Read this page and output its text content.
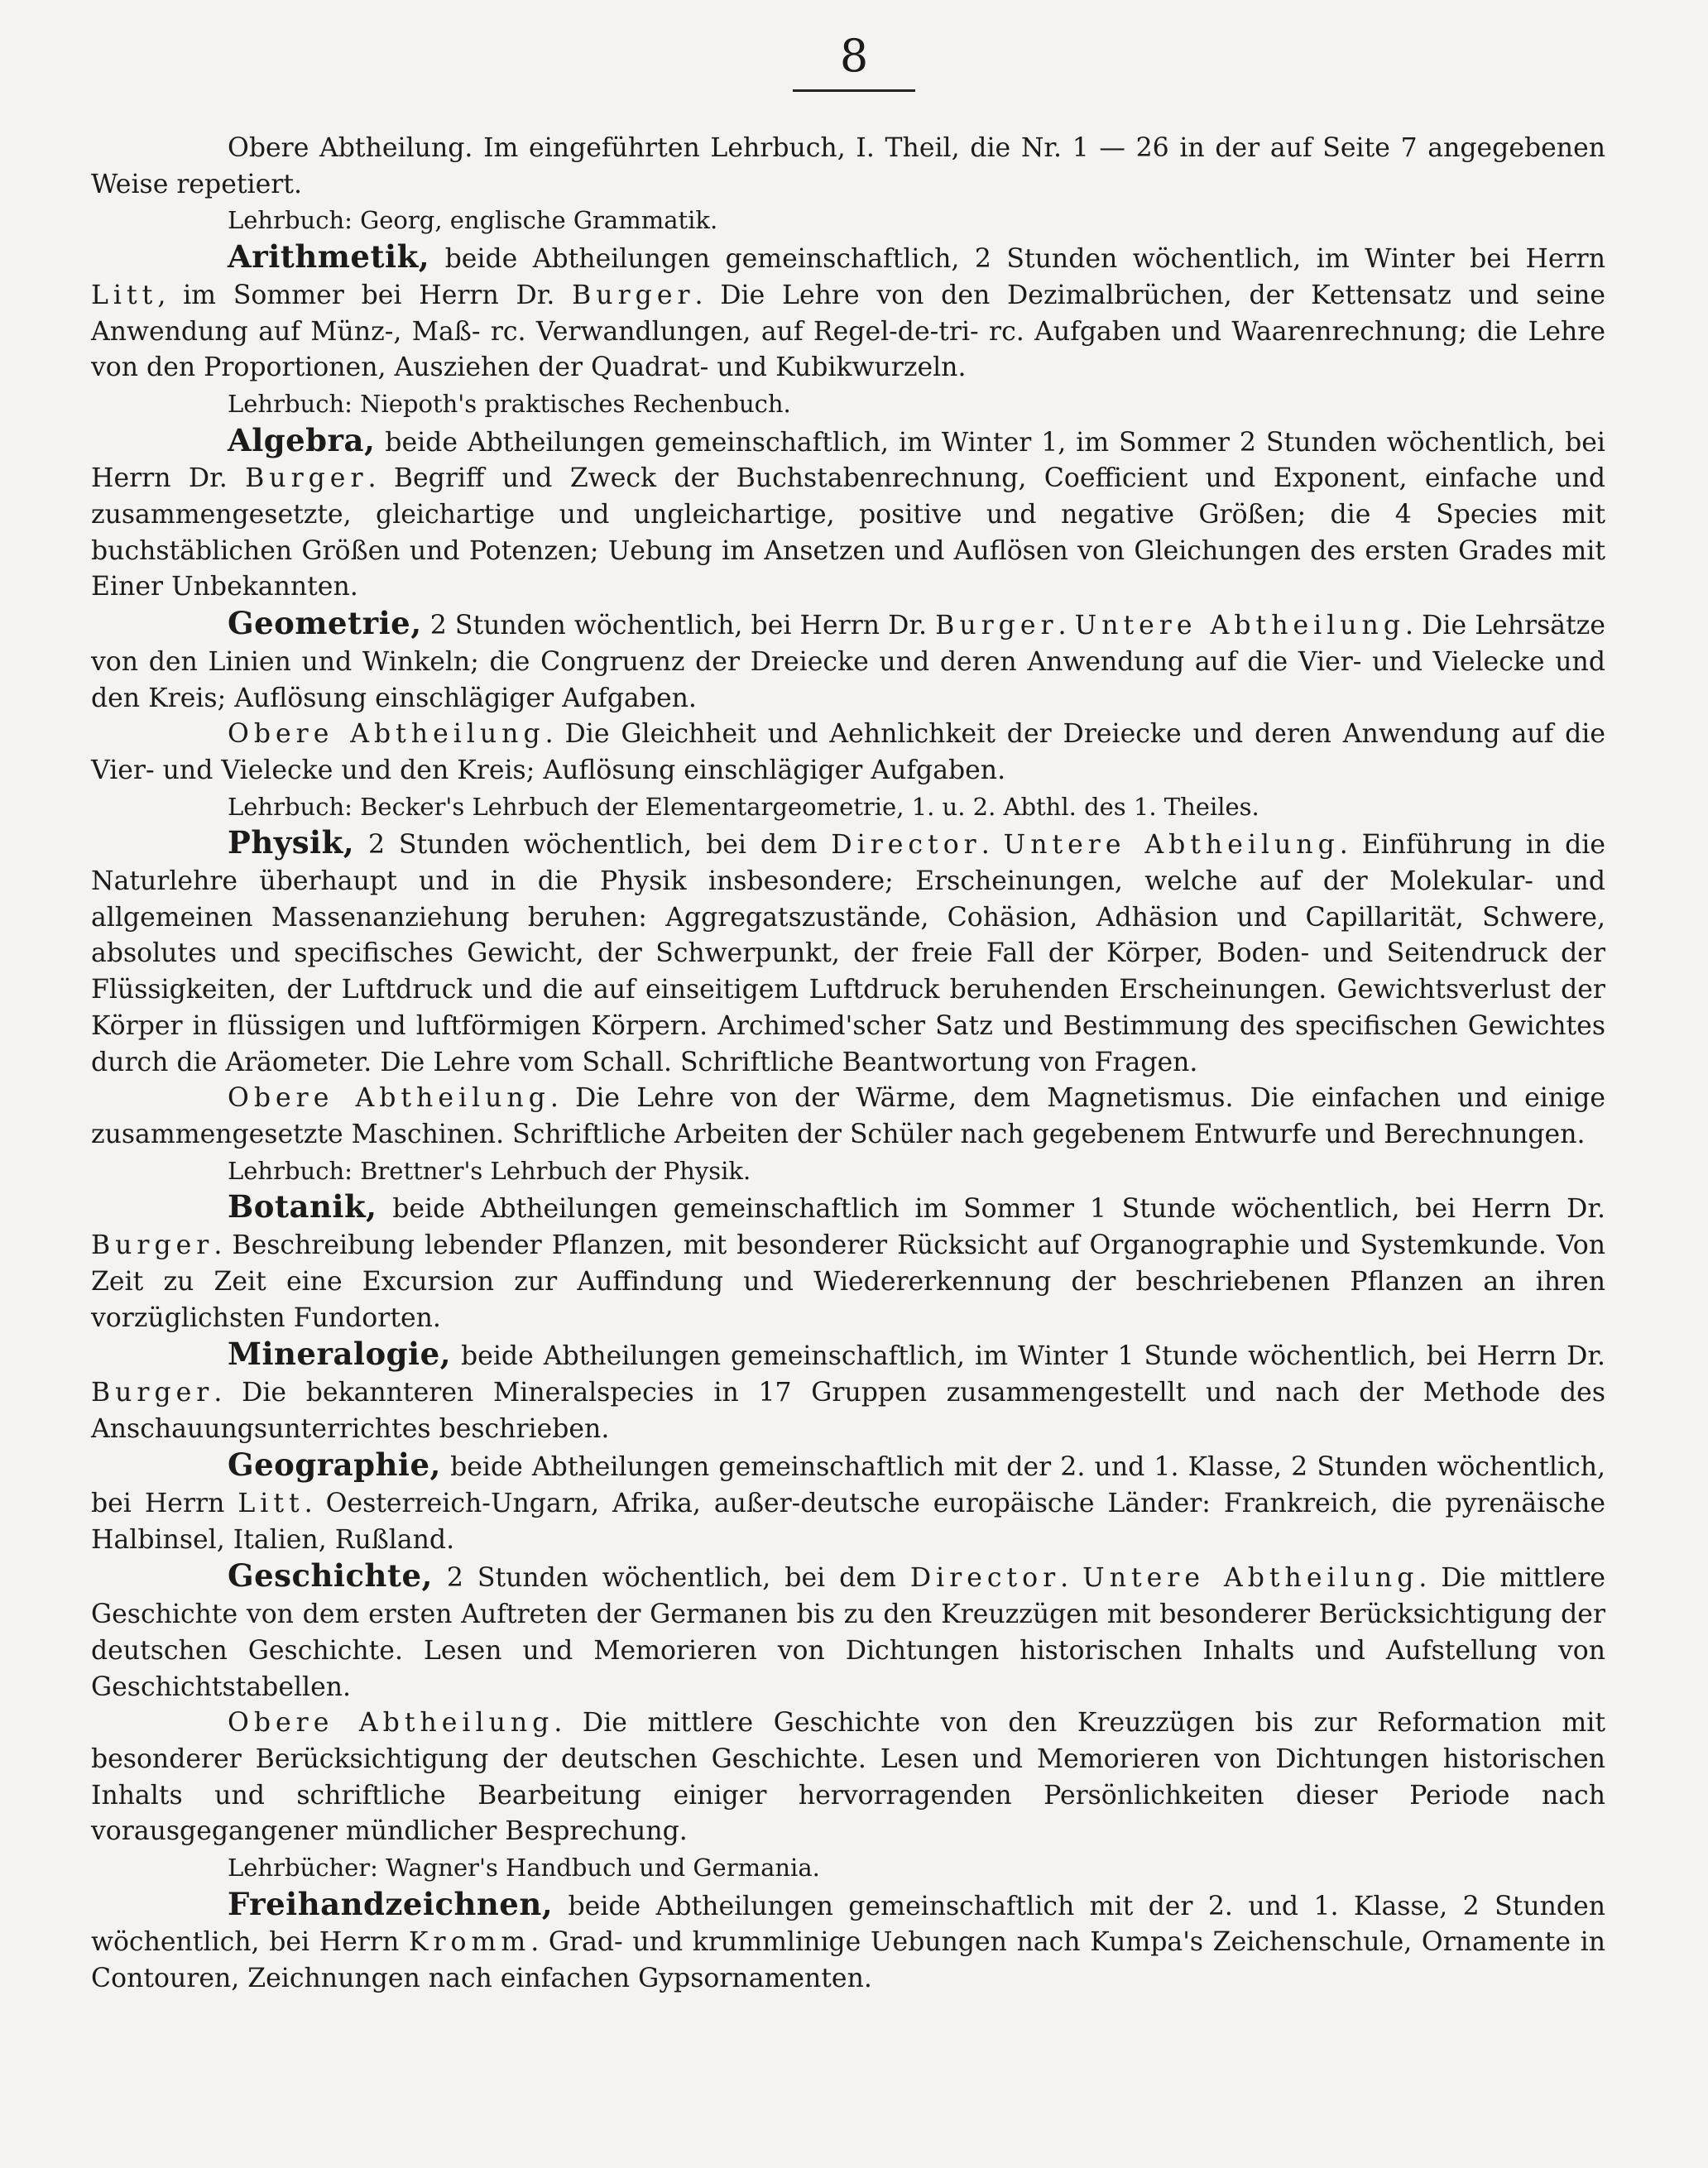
8

Obere Abtheilung. Im eingeführten Lehrbuch, I. Theil, die Nr. 1 — 26 in der auf Seite 7 angegebenen Weise repetiert.

Lehrbuch: Georg, englische Grammatik.

Arithmetik, beide Abtheilungen gemeinschaftlich, 2 Stunden wöchentlich, im Winter bei Herrn Litt, im Sommer bei Herrn Dr. Burger. Die Lehre von den Dezimalbrüchen, der Kettensatz und seine Anwendung auf Münz-, Maß- rc. Verwandlungen, auf Regel-de-tri- rc. Aufgaben und Waarenrechnung; die Lehre von den Proportionen, Ausziehen der Quadrat- und Kubikwurzeln.

Lehrbuch: Niepoth's praktisches Rechenbuch.

Algebra, beide Abtheilungen gemeinschaftlich, im Winter 1, im Sommer 2 Stunden wöchentlich, bei Herrn Dr. Burger. Begriff und Zweck der Buchstabenrechnung, Coefficient und Exponent, einfache und zusammengesetzte, gleichartige und ungleichartige, positive und negative Größen; die 4 Species mit buchstäblichen Größen und Potenzen; Uebung im Ansetzen und Auflösen von Gleichungen des ersten Grades mit Einer Unbekannten.

Geometrie, 2 Stunden wöchentlich, bei Herrn Dr. Burger. Untere Abtheilung. Die Lehrsätze von den Linien und Winkeln; die Congruenz der Dreiecke und deren Anwendung auf die Vier- und Vielecke und den Kreis; Auflösung einschlägiger Aufgaben.

Obere Abtheilung. Die Gleichheit und Aehnlichkeit der Dreiecke und deren Anwendung auf die Vier- und Vielecke und den Kreis; Auflösung einschlägiger Aufgaben.

Lehrbuch: Becker's Lehrbuch der Elementargeometrie, 1. u. 2. Abthl. des 1. Theiles.

Physik, 2 Stunden wöchentlich, bei dem Director. Untere Abtheilung. Einführung in die Naturlehre überhaupt und in die Physik insbesondere; Erscheinungen, welche auf der Molekular- und allgemeinen Massenanziehung beruhen: Aggregatszustände, Cohäsion, Adhäsion und Capillarität, Schwere, absolutes und specifisches Gewicht, der Schwerpunkt, der freie Fall der Körper, Boden- und Seitendruck der Flüssigkeiten, der Luftdruck und die auf einseitigem Luftdruck beruhenden Erscheinungen. Gewichtsverlust der Körper in flüssigen und luftförmigen Körpern. Archimed'scher Satz und Bestimmung des specifischen Gewichtes durch die Aräometer. Die Lehre vom Schall. Schriftliche Beantwortung von Fragen.

Obere Abtheilung. Die Lehre von der Wärme, dem Magnetismus. Die einfachen und einige zusammengesetzte Maschinen. Schriftliche Arbeiten der Schüler nach gegebenem Entwurfe und Berechnungen.

Lehrbuch: Brettner's Lehrbuch der Physik.

Botanik, beide Abtheilungen gemeinschaftlich im Sommer 1 Stunde wöchentlich, bei Herrn Dr. Burger. Beschreibung lebender Pflanzen, mit besonderer Rücksicht auf Organographie und Systemkunde. Von Zeit zu Zeit eine Excursion zur Auffindung und Wiedererkennung der beschriebenen Pflanzen an ihren vorzüglichsten Fundorten.

Mineralogie, beide Abtheilungen gemeinschaftlich, im Winter 1 Stunde wöchentlich, bei Herrn Dr. Burger. Die bekannteren Mineralspecies in 17 Gruppen zusammengestellt und nach der Methode des Anschauungsunterrichtes beschrieben.

Geographie, beide Abtheilungen gemeinschaftlich mit der 2. und 1. Klasse, 2 Stunden wöchentlich, bei Herrn Litt. Oesterreich-Ungarn, Afrika, außer-deutsche europäische Länder: Frankreich, die pyrenäische Halbinsel, Italien, Rußland.

Geschichte, 2 Stunden wöchentlich, bei dem Director. Untere Abtheilung. Die mittlere Geschichte von dem ersten Auftreten der Germanen bis zu den Kreuzzügen mit besonderer Berücksichtigung der deutschen Geschichte. Lesen und Memorieren von Dichtungen historischen Inhalts und Aufstellung von Geschichtstabellen.

Obere Abtheilung. Die mittlere Geschichte von den Kreuzzügen bis zur Reformation mit besonderer Berücksichtigung der deutschen Geschichte. Lesen und Memorieren von Dichtungen historischen Inhalts und schriftliche Bearbeitung einiger hervorragenden Persönlichkeiten dieser Periode nach vorausgegangener mündlicher Besprechung.

Lehrbücher: Wagner's Handbuch und Germania.

Freihandzeichnen, beide Abtheilungen gemeinschaftlich mit der 2. und 1. Klasse, 2 Stunden wöchentlich, bei Herrn Kromm. Grad- und krummlinige Uebungen nach Kumpa's Zeichenschule, Ornamente in Contouren, Zeichnungen nach einfachen Gypsornamenten.
